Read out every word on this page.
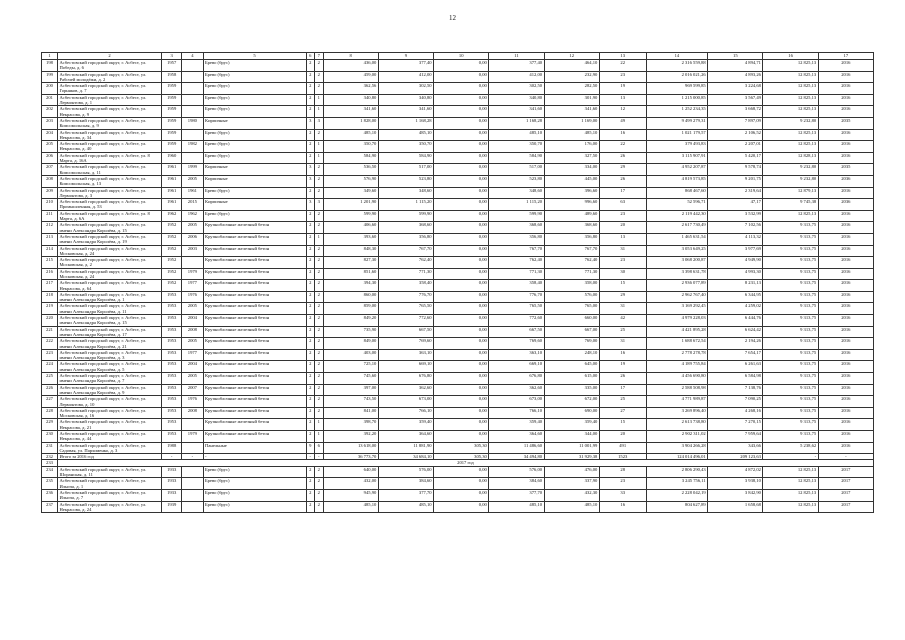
12
1	2	3	4	5	6	7	8	9	10	11	12	13	14	15	16	17
198	Асбестовский городской округ, г. Асбест, ул. Победы, д. 6	1957		Брево (брус)	2	2	436,00	377,40	0,00	377,40	464,10	22	2 316 559,88	4 894,71	12 825,13	2016
199	Асбестовский городской округ, г. Асбест, ул. Рабочей молодёжи, д. 2	1958		Брево (брус)	2	2	459,00	412,00	0,00	412,00	232,90	23	2 016 021,26	4 893,26	12 825,13	2016
200	Асбестовский городской округ, г. Асбест, ул. Горняков, д. 7	1959		Брево (брус)	2	2	362,56	302,50	0,00	302,50	282,50	19	969 599,85	3 224,68	12 825,13	2016
201	Асбестовский городской округ, г. Асбест, ул. Лермонтова, д. 1	1959		Брево (брус)	2	1	340,80	340,80	0,00	340,80	301,90	13	1 215 000,85	3 567,49	12 825,13	2016
202	Асбестовский городской округ, г. Асбест, ул. Некрасова, д. 9	1959		Брево (брус)	2	1	341,60	341,60	0,00	341,60	341,60	12	1 252 234,35	3 668,72	12 825,13	2016
203	Асбестовский городской округ, г. Асбест, ул. Комсомольская, д. 9	1959	1980	Кирпичные	3	3	1 828,00	1 168,28	0,00	1 168,28	1 169,00	49	9 499 279,31	7 897,09	9 232,80	2035
204	Асбестовский городской округ, г. Асбест, ул. Некрасова, д. 34	1959		Брево (брус)	2	2	485,10	485,10	0,00	485,10	485,10	16	1 021 179,57	2 106,52	12 825,13	2016
205	Асбестовский городской округ, г. Асбест, ул. Некрасова, д. 40	1959	1982	Брево (брус)	2	1	350,70	350,70	0,00	350,70	176,00	22	379 493,83	2 207,01	12 825,13	2016
206	Асбестовский городской округ, г. Асбест, ул. 8 Марта, д. 16А	1960		Брево (брус)	2	1	584,90	584,90	0,00	584,90	327,50	26	3 115 907,91	5 420,17	12 828,13	2016
207	Асбестовский городской округ, г. Асбест, ул. Комсомольская, д. 11	1961	1999	Кирпичные	3	2	536,50	517,00	0,00	517,00	334,00	29	4 952 207,87	9 578,74	9 232,80	2035
208	Асбестовский городской округ, г. Асбест, ул. Комсомольская, д. 13	1961	2005	Кирпичные	3	2	576,90	523,80	0,00	523,80	445,00	26	4 819 573,85	9 201,75	9 232,80	2036
209	Асбестовский городской округ, г. Асбест, ул. Лермонтова, д. 3	1961	1961	Брево (брус)	2	2	349,60	348,60	0,00	348,60	396,60	17	868 467,60	2 319,64	12 879,13	2016
210	Асбестовский городской округ, г. Асбест, ул. Промышленная, д. 53	1961	2015	Кирпичные	3	3	1 201,90	1 115,20	0,00	1 115,20	996,60	63	52 596,71	47,17	9 745,38	2036
211	Асбестовский городской округ, г. Асбест, ул. 8 Марта, д. 6А	1962	1962	Брево (брус)	2	2	599,90	599,90	0,00	599,90	489,60	23	2 119 442,30	3 532,99	12 825,13	2016
212	Асбестовский городской округ, г. Асбест, ул. имени Александра Королёва, д. 15	1952	2005	Крупноблочные железный бетон	2	2	406,60	368,60	0,00	368,60	368,60	20	2 617 730,49	7 102,56	9 313,75	2016
213	Асбестовский городской округ, г. Асбест, ул. имени Александра Королёва, д. 19	1952	2006	Крупноблочные железный бетон	2	1	393,60	356,80	0,00	356,80	356,80	13	1 465 631,54	4 113,32	9 313,75	2016
214	Асбестовский городской округ, г. Асбест, ул. Московская, д. 24	1952	2003	Крупноблочные железный бетон	2	2	848,30	767,70	0,00	767,70	767,70	31	3 053 649,25	3 977,69	9 313,75	2016
215	Асбестовский городской округ, г. Асбест, ул. Московская, д. 2	1952		Крупноблочные железный бетон	2	2	827,30	762,40	0,00	762,40	762,40	23	3 068 200,87	4 949,90	9 313,75	2016
216	Асбестовский городской округ, г. Асбест, ул. Московская, д. 24	1952	1979	Крупноблочные железный бетон	2	2	851,60	771,30	0,00	771,30	771,30	30	3 398 631,78	4 993,30	9 313,75	2016
217	Асбестовский городской округ, г. Асбест, ул. Некрасова, д. 64	1952	1977	Крупноблочные железный бетон	2	2	394,30	358,40	0,00	358,40	358,00	15	2 936 077,89	8 231,13	9 313,75	2016
218	Асбестовский городской округ, г. Асбест, ул. имени Александра Королёва, д. 1	1953	1976	Крупноблочные железный бетон	2	2	860,00	776,70	0,00	776,70	576,00	29	2 962 767,40	6 344,95	9 313,75	2016
219	Асбестовский городской округ, г. Асбест, ул. имени Александра Королёва, д. 11	1953	2005	Крупноблочные железный бетон	2	2	859,00	765,50	0,00	765,50	765,00	31	3 169 292,45	4 259,02	9 313,75	2016
220	Асбестовский городской округ, г. Асбест, ул. имени Александра Королёва, д. 15	1953	2004	Крупноблочные железный бетон	2	2	849,20	772,60	0,00	772,60	660,00	42	4 979 228,03	6 444,76	9 313,75	2016
221	Асбестовский городской округ, г. Асбест, ул. имени Александра Королёва, д. 17	1953	2008	Крупноблочные железный бетон	2	2	735,90	667,50	0,00	667,50	667,00	25	4 421 895,28	6 624,42	9 313,75	2016
222	Асбестовский городской округ, г. Асбест, ул. имени Александра Королёва, д. 21	1953	2005	Крупноблочные железный бетон	2	2	849,00	769,60	0,00	769,60	769,00	31	1 688 672,54	2 194,26	9 313,75	2016
223	Асбестовский городской округ, г. Асбест, ул. имени Александра Королёва, д. 3	1953	1977	Крупноблочные железный бетон	2	2	403,00	363,10	0,00	363,10	248,10	16	2 778 278,78	7 654,17	9 313,75	2016
224	Асбестовский городской округ, г. Асбест, ул. имени Александра Королёва, д. 5	1953	2004	Крупноблочные железный бетон	2	2	725,10	669,10	0,00	669,10	645,00	19	4 189 755,84	6 261,63	9 313,75	2016
225	Асбестовский городской округ, г. Асбест, ул. имени Александра Королёва, д. 7	1953	2005	Крупноблочные железный бетон	2	2	745,60	676,80	0,00	676,80	615,00	26	4 456 690,80	6 584,98	9 313,75	2016
226	Асбестовский городской округ, г. Асбест, ул. имени Александра Королёва, д. 9	1953	2007	Крупноблочные железный бетон	2	2	397,00	362,60	0,00	362,60	335,00	17	2 588 508,98	7 138,76	9 313,75	2016
227	Асбестовский городской округ, г. Асбест, ул. Лермонтова, д. 10	1953	1976	Крупноблочные железный бетон	2	2	743,50	673,00	0,00	673,00	672,00	25	4 771 989,87	7 090,25	9 313,75	2016
228	Асбестовский городской округ, г. Асбест, ул. Московская, д. 16	1953	2008	Крупноблочные железный бетон	2	2	841,00	766,10	0,00	766,10	690,00	27	3 269 896,40	4 268,16	9 313,75	2016
229	Асбестовский городской округ, г. Асбест, ул. Некрасова, д. 21	1953		Крупноблочные железный бетон	2	1	398,70	359,40	0,00	359,40	359,40	15	2 613 738,80	7 270,15	9 313,75	2016
230	Асбестовский городской округ, г. Асбест, ул. Некрасова, д. 44	1953	1979	Крупноблочные железный бетон	2	1	392,20	364,60	0,00	364,60	344,00	20	2 902 311,02	7 959,64	9 313,75	2016
231	Асбестовский городской округ, г. Асбест, ул. Садовая, ул. Пархоменко, д. 3	1988		Панельные	9	6	13 618,00	11 881,90	305,30	11 486,60	11 001,99	491	3 904 266,28	343,66	5 238,62	2016
232	Итого за 2016 год	-	-	-	-	-	36 773,70	34 684,10	305,30	34 494,80	31 929,38	1523	124 014 496,01	209 123,63	-	-
233	2017 год															
234	Асбестовский городской округ, г. Асбест, ул. Шоранская, д. 11	1933		Брево (брус)	2	2	640,00	576,00	0,00	576,00	476,00	28	2 806 290,43	4 872,02	12 825,13	2017
235	Асбестовский городской округ, г. Асбест, ул. Ильича, д. 1	1933		Брево (брус)	2	2	432,00	384,60	0,00	384,60	337,90	23	3 245 756,11	3 938,10	12 825,13	2017
236	Асбестовский городской округ, г. Асбест, ул. Ильича, д. 7	1933		Брево (брус)	2	2	945,90	377,70	0,00	377,70	432,30	33	2 228 042,19	3 842,90	12 825,13	2017
237	Асбестовский городской округ, г. Асбест, ул. Некрасова, д. 24	1939		Брево (брус)	2	2	485,10	485,10	0,00	485,10	485,10	16	804 627,89	1 658,68	12 825,13	2017
